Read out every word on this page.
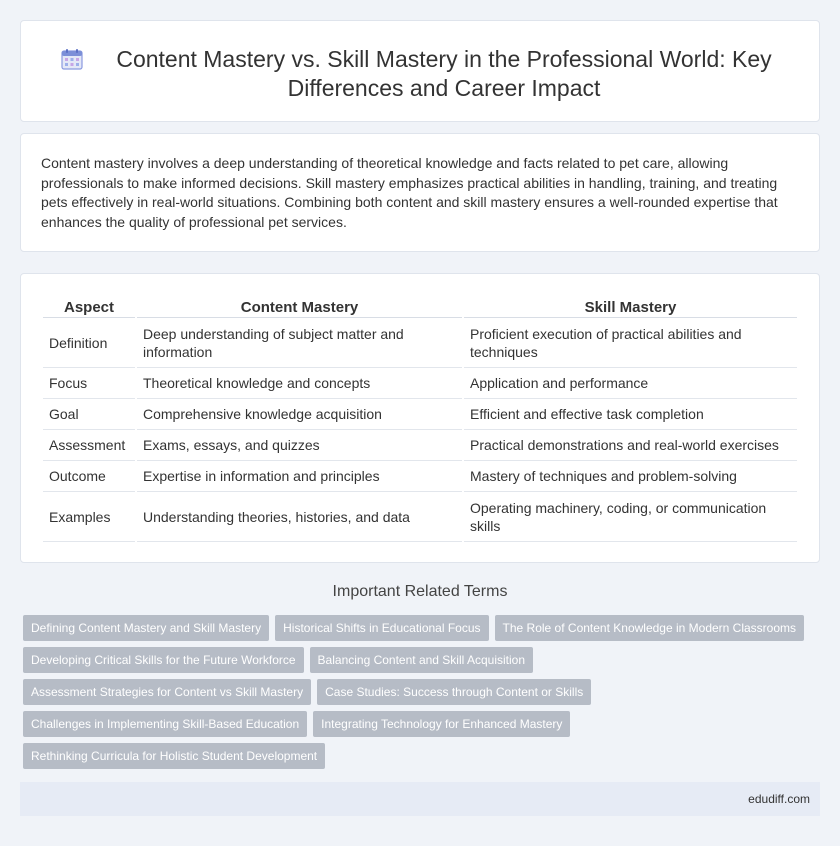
Content Mastery vs. Skill Mastery in the Professional World: Key Differences and Career Impact

Content mastery involves a deep understanding of theoretical knowledge and facts related to pet care, allowing professionals to make informed decisions. Skill mastery emphasizes practical abilities in handling, training, and treating pets effectively in real-world situations. Combining both content and skill mastery ensures a well-rounded expertise that enhances the quality of professional pet services.

Aspect	Content Mastery	Skill Mastery
Definition	Deep understanding of subject matter and information	Proficient execution of practical abilities and techniques
Focus	Theoretical knowledge and concepts	Application and performance
Goal	Comprehensive knowledge acquisition	Efficient and effective task completion
Assessment	Exams, essays, and quizzes	Practical demonstrations and real-world exercises
Outcome	Expertise in information and principles	Mastery of techniques and problem-solving
Examples	Understanding theories, histories, and data	Operating machinery, coding, or communication skills
Important Related Terms
Defining Content Mastery and Skill Mastery	Historical Shifts in Educational Focus	The Role of Content Knowledge in Modern Classrooms
Developing Critical Skills for the Future Workforce	Balancing Content and Skill Acquisition
Assessment Strategies for Content vs Skill Mastery	Case Studies: Success through Content or Skills
Challenges in Implementing Skill-Based Education	Integrating Technology for Enhanced Mastery
Rethinking Curricula for Holistic Student Development
edudiff.com
